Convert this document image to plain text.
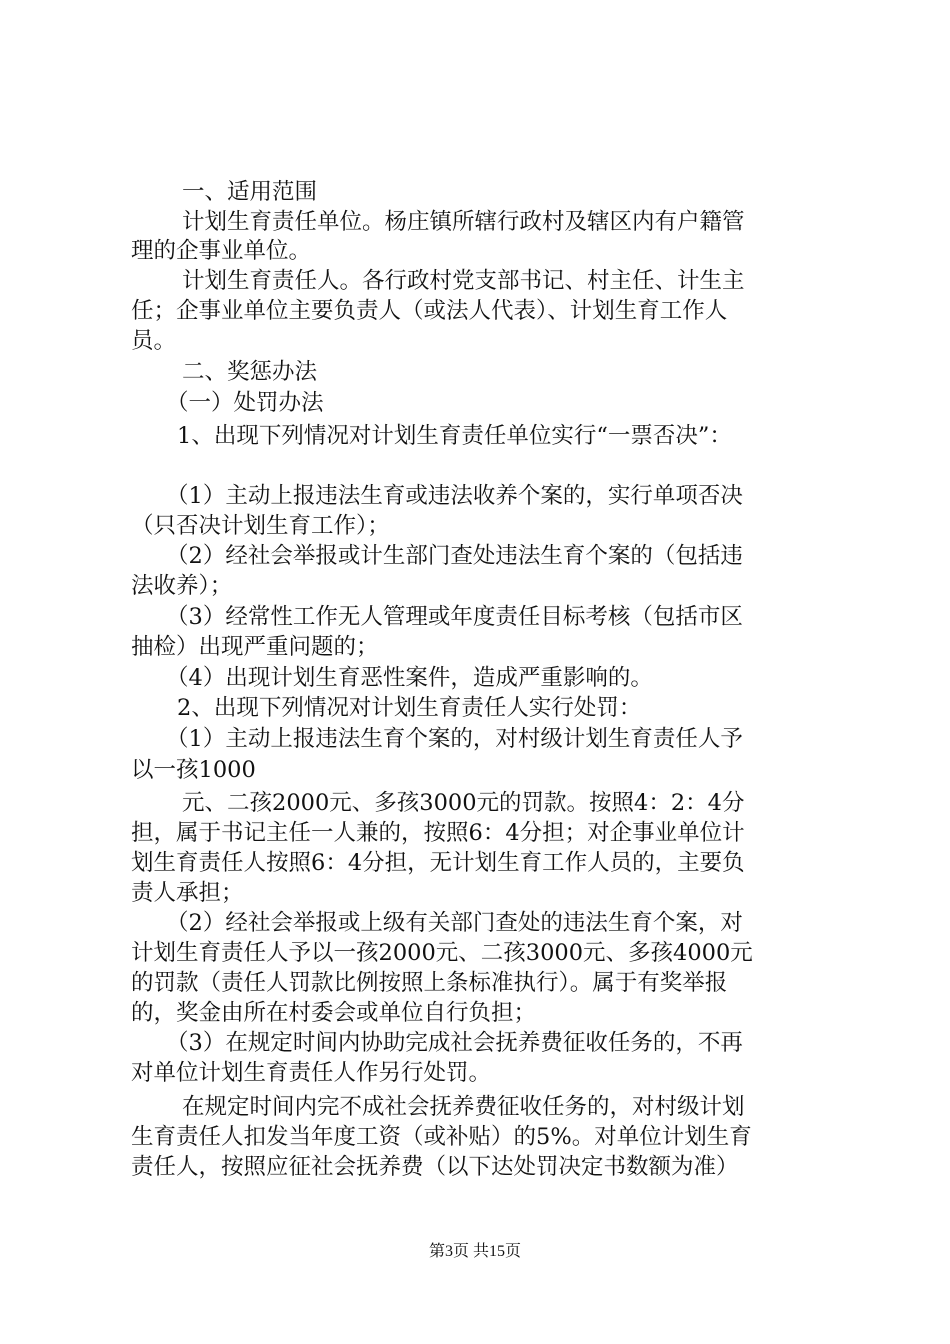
一、适用范围

计划生育责任单位。杨庄镇所辖行政村及辖区内有户籍管

理的企事业单位。

计划生育责任人。各行政村党支部书记、村主任、计生主

任；企事业单位主要负责人（或法人代表）、计划生育工作人

员。

二、奖惩办法

（一）处罚办法

1、出现下列情况对计划生育责任单位实行“一票否决”：

（1）主动上报违法生育或违法收养个案的，实行单项否决

（只否决计划生育工作）；

（2）经社会举报或计生部门查处违法生育个案的（包括违

法收养）；

（3）经常性工作无人管理或年度责任目标考核（包括市区

抽检）出现严重问题的；

（4）出现计划生育恶性案件，造成严重影响的。

2、出现下列情况对计划生育责任人实行处罚：

（1）主动上报违法生育个案的，对村级计划生育责任人予

以一孩1000

元、二孩2000元、多孩3000元的罚款。按照4：2：4分

担，属于书记主任一人兼的，按照6：4分担；对企事业单位计

划生育责任人按照6：4分担，无计划生育工作人员的，主要负

责人承担；

（2）经社会举报或上级有关部门查处的违法生育个案，对

计划生育责任人予以一孩2000元、二孩3000元、多孩4000元

的罚款（责任人罚款比例按照上条标准执行）。属于有奖举报

的，奖金由所在村委会或单位自行负担；

（3）在规定时间内协助完成社会抚养费征收任务的，不再

对单位计划生育责任人作另行处罚。

在规定时间内完不成社会抚养费征收任务的，对村级计划

生育责任人扣发当年度工资（或补贴）的5%。对单位计划生育

责任人，按照应征社会抚养费（以下达处罚决定书数额为准）

第3页 共15页
